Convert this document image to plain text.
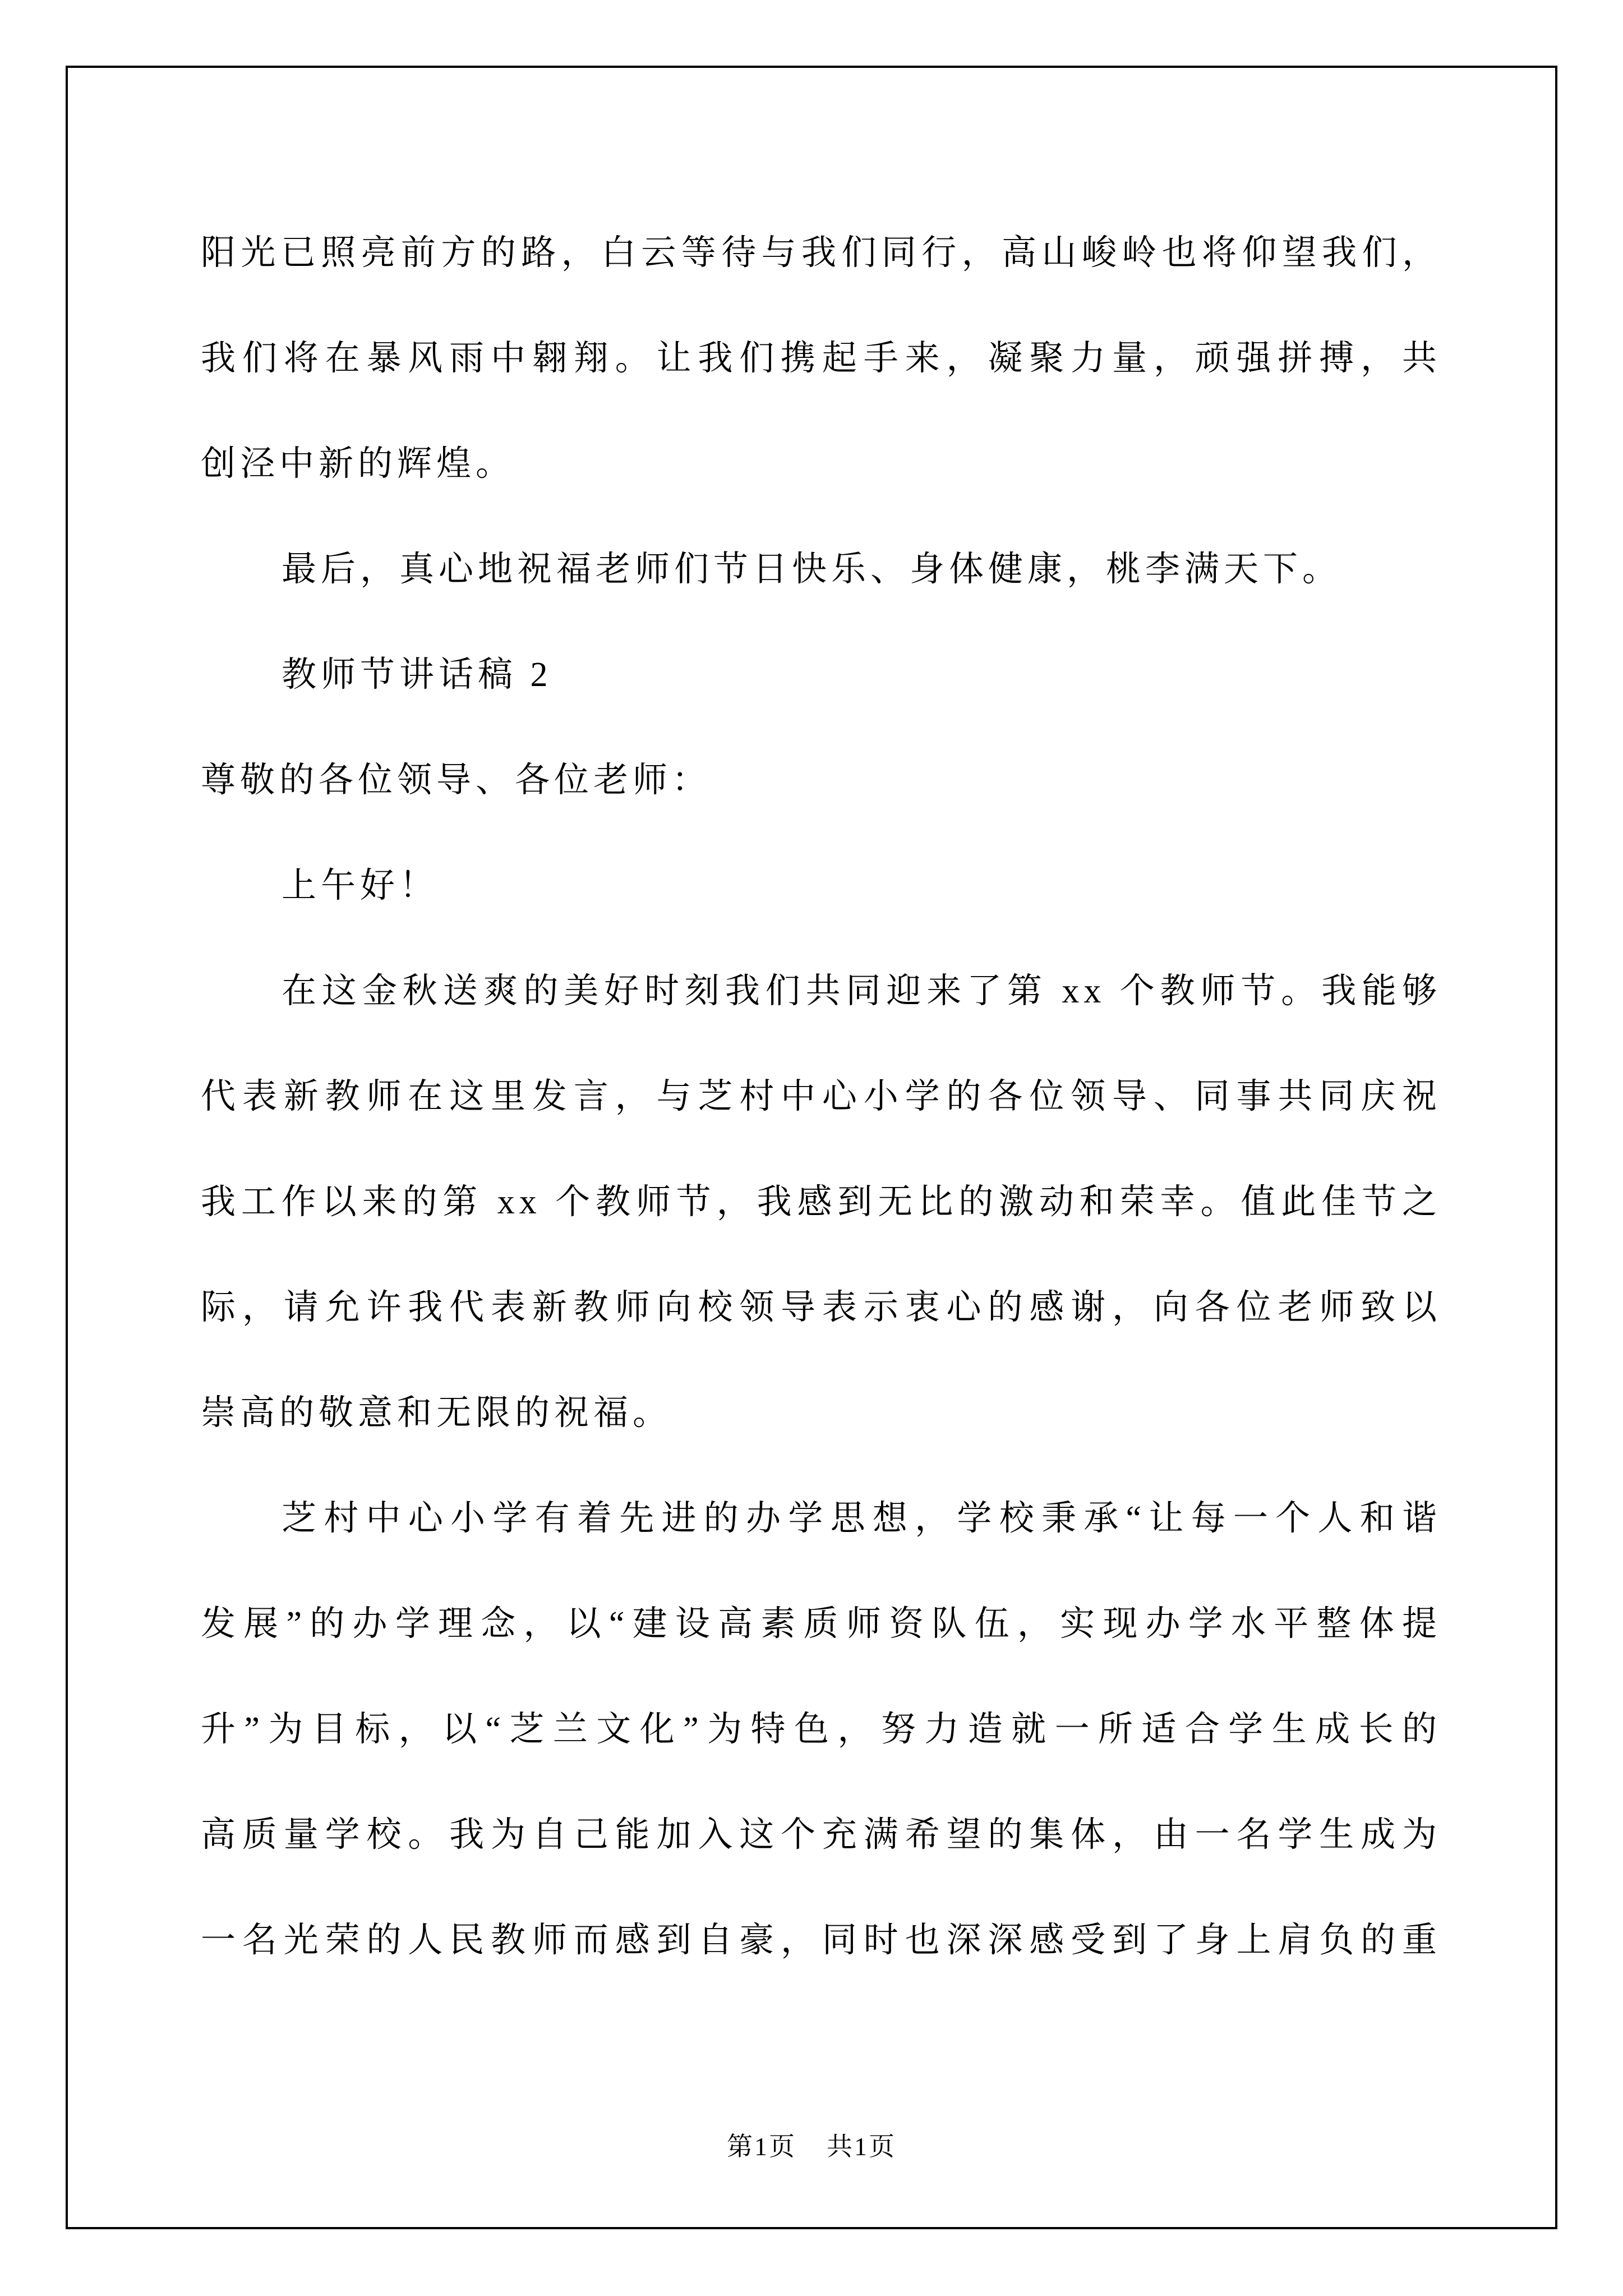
阳光已照亮前方的路，白云等待与我们同行，高山峻岭也将仰望我们，
我们将在暴风雨中翱翔。让我们携起手来，凝聚力量，顽强拼搏，共
创泾中新的辉煌。
最后，真心地祝福老师们节日快乐、身体健康，桃李满天下。
教师节讲话稿 2
尊敬的各位领导、各位老师：
上午好！
在这金秋送爽的美好时刻我们共同迎来了第 xx 个教师节。我能够
代表新教师在这里发言，与芝村中心小学的各位领导、同事共同庆祝
我工作以来的第 xx 个教师节，我感到无比的激动和荣幸。值此佳节之
际，请允许我代表新教师向校领导表示衷心的感谢，向各位老师致以
崇高的敬意和无限的祝福。
芝村中心小学有着先进的办学思想，学校秉承“让每一个人和谐
发展”的办学理念，以“建设高素质师资队伍，实现办学水平整体提
升”为目标，以“芝兰文化”为特色，努力造就一所适合学生成长的
高质量学校。我为自己能加入这个充满希望的集体，由一名学生成为
一名光荣的人民教师而感到自豪，同时也深深感受到了身上肩负的重
第1页 共1页
